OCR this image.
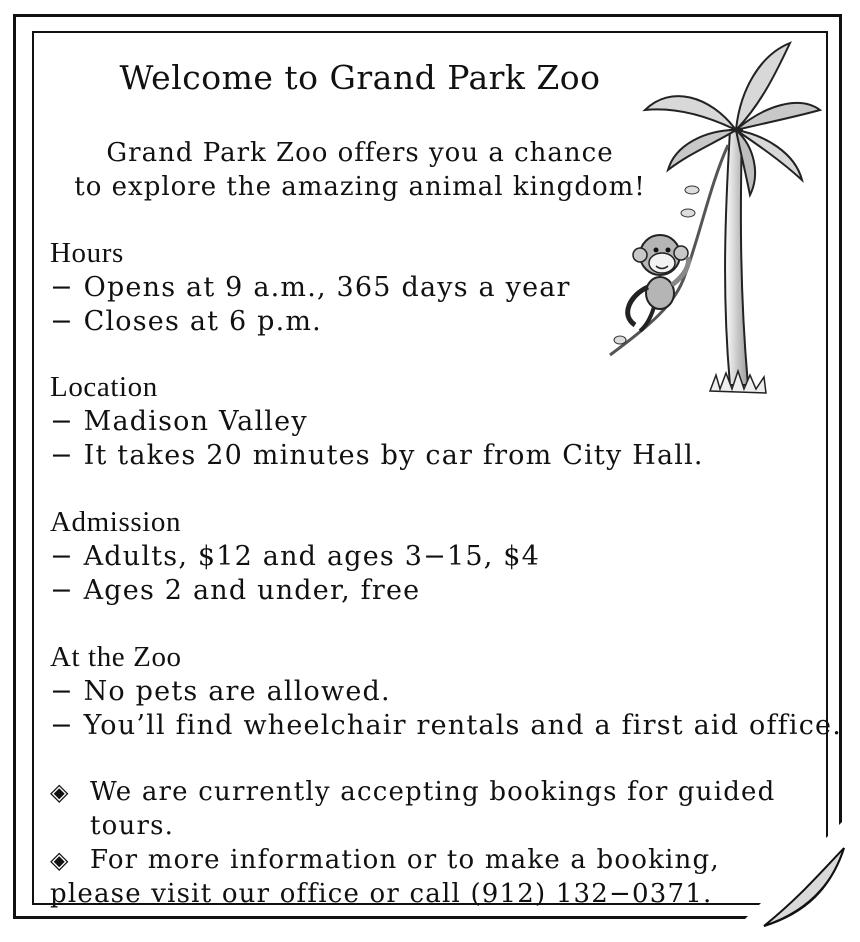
Welcome to Grand Park Zoo
Grand Park Zoo offers you a chance
to explore the amazing animal kingdom!
Hours
− Opens at 9 a.m., 365 days a year
− Closes at 6 p.m.
Location
− Madison Valley
− It takes 20 minutes by car from City Hall.
Admission
− Adults, $12 and ages 3−15, $4
− Ages 2 and under, free
At the Zoo
− No pets are allowed.
− You’ll find wheelchair rentals and a first aid office.
◈ We are currently accepting bookings for guided tours.
◈ For more information or to make a booking,
please visit our office or call (912) 132−0371.
